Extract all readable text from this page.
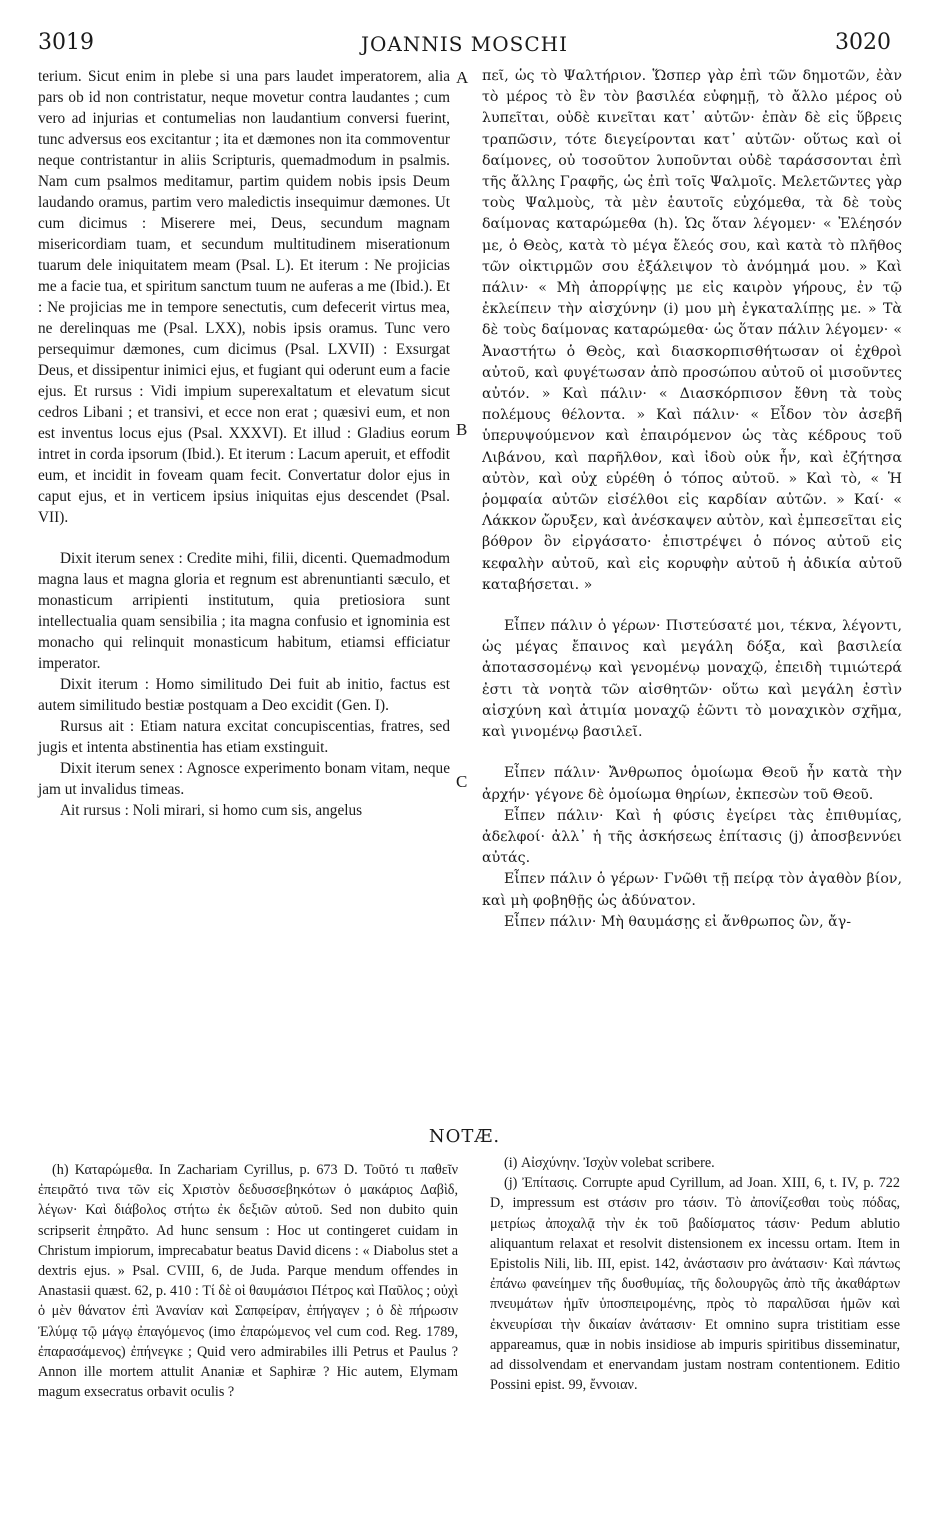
3019	JOANNIS MOSCHI	3020
A
B
C

terium. Sicut enim in plebe si una pars laudet imperatorem, alia pars ob id non contristatur, neque movetur contra laudantes ; cum vero ad injurias et contumelias non laudantium conversi fuerint, tunc adversus eos excitantur ; ita et dæmones non ita commoventur neque contristantur in aliis Scripturis, quemadmodum in psalmis. Nam cum psalmos meditamur, partim quidem nobis ipsis Deum laudando oramus, partim vero maledictis insequimur dæmones. Ut cum dicimus : Miserere mei, Deus, secundum magnam misericordiam tuam, et secundum multitudinem miserationum tuarum dele iniquitatem meam (Psal. L). Et iterum : Ne projicias me a facie tua, et spiritum sanctum tuum ne auferas a me (Ibid.). Et : Ne projicias me in tempore senectutis, cum defecerit virtus mea, ne derelinquas me (Psal. LXX), nobis ipsis oramus. Tunc vero persequimur dæmones, cum dicimus (Psal. LXVII) : Exsurgat Deus, et dissipentur inimici ejus, et fugiant qui oderunt eum a facie ejus. Et rursus : Vidi impium superexaltatum et elevatum sicut cedros Libani ; et transivi, et ecce non erat ; quæsivi eum, et non est inventus locus ejus (Psal. XXXVI). Et illud : Gladius eorum intret in corda ipsorum (Ibid.). Et iterum : Lacum aperuit, et effodit eum, et incidit in foveam quam fecit. Convertatur dolor ejus in caput ejus, et in verticem ipsius iniquitas ejus descendet (Psal. VII).

Dixit iterum senex : Credite mihi, filii, dicenti. Quemadmodum magna laus et magna gloria et regnum est abrenuntianti sæculo, et monasticum arripienti institutum, quia pretiosiora sunt intellectualia quam sensibilia ; ita magna confusio et ignominia est monacho qui relinquit monasticum habitum, etiamsi efficiatur imperator.

Dixit iterum : Homo similitudo Dei fuit ab initio, factus est autem similitudo bestiæ postquam a Deo excidit (Gen. I).

Rursus ait : Etiam natura excitat concupiscentias, fratres, sed jugis et intenta abstinentia has etiam exstinguit.

Dixit iterum senex : Agnosce experimento bonam vitam, neque jam ut invalidus timeas.

Ait rursus : Noli mirari, si homo cum sis, angelus

πεῖ, ὡς τὸ Ψαλτήριον. Ὥσπερ γὰρ ἐπὶ τῶν δημοτῶν, ἐὰν τὸ μέρος τὸ ἓν τὸν βασιλέα εὐφημῇ, τὸ ἄλλο μέρος οὐ λυπεῖται, οὐδὲ κινεῖται κατ᾽ αὐτῶν· ἐπὰν δὲ εἰς ὕβρεις τραπῶσιν, τότε διεγείρονται κατ᾽ αὐτῶν· οὕτως καὶ οἱ δαίμονες, οὐ τοσοῦτον λυποῦνται οὐδὲ ταράσσονται ἐπὶ τῆς ἄλλης Γραφῆς, ὡς ἐπὶ τοῖς Ψαλμοῖς. Μελετῶντες γὰρ τοὺς Ψαλμοὺς, τὰ μὲν ἑαυτοῖς εὐχόμεθα, τὰ δὲ τοὺς δαίμονας καταρώμεθα (h). Ὡς ὅταν λέγομεν· « Ἐλέησόν με, ὁ Θεὸς, κατὰ τὸ μέγα ἔλεός σου, καὶ κατὰ τὸ πλῆθος τῶν οἰκτιρμῶν σου ἐξάλειψον τὸ ἀνόμημά μου. » Καὶ πάλιν· « Μὴ ἀπορρίψῃς με εἰς καιρὸν γήρους, ἐν τῷ ἐκλείπειν τὴν αἰσχύνην (i) μου μὴ ἐγκαταλίπῃς με. » Τὰ δὲ τοὺς δαίμονας καταρώμεθα· ὡς ὅταν πάλιν λέγομεν· « Ἀναστήτω ὁ Θεὸς, καὶ διασκορπισθήτωσαν οἱ ἐχθροὶ αὐτοῦ, καὶ φυγέτωσαν ἀπὸ προσώπου αὐτοῦ οἱ μισοῦντες αὐτόν. » Καὶ πάλιν· « Διασκόρπισον ἔθνη τὰ τοὺς πολέμους θέλοντα. » Καὶ πάλιν· « Εἶδον τὸν ἀσεβῆ ὑπερυψούμενον καὶ ἐπαιρόμενον ὡς τὰς κέδρους τοῦ Λιβάνου, καὶ παρῆλθον, καὶ ἰδοὺ οὐκ ἦν, καὶ ἐζήτησα αὐτὸν, καὶ οὐχ εὑρέθη ὁ τόπος αὐτοῦ. » Καὶ τὸ, « Ἡ ῥομφαία αὐτῶν εἰσέλθοι εἰς καρδίαν αὐτῶν. » Καί· « Λάκκον ὤρυξεν, καὶ ἀνέσκαψεν αὐτὸν, καὶ ἐμπεσεῖται εἰς βόθρον ὃν εἰργάσατο· ἐπιστρέψει ὁ πόνος αὐτοῦ εἰς κεφαλὴν αὐτοῦ, καὶ εἰς κορυφὴν αὐτοῦ ἡ ἀδικία αὐτοῦ καταβήσεται. »

Εἶπεν πάλιν ὁ γέρων· Πιστεύσατέ μοι, τέκνα, λέγοντι, ὡς μέγας ἔπαινος καὶ μεγάλη δόξα, καὶ βασιλεία ἀποτασσομένῳ καὶ γενομένῳ μοναχῷ, ἐπειδὴ τιμιώτερά ἐστι τὰ νοητὰ τῶν αἰσθητῶν· οὕτω καὶ μεγάλη ἐστὶν αἰσχύνη καὶ ἀτιμία μοναχῷ ἐῶντι τὸ μοναχικὸν σχῆμα, καὶ γινομένῳ βασιλεῖ.

Εἶπεν πάλιν· Ἄνθρωπος ὁμοίωμα Θεοῦ ἦν κατὰ τὴν ἀρχήν· γέγονε δὲ ὁμοίωμα θηρίων, ἐκπεσὼν τοῦ Θεοῦ.

Εἶπεν πάλιν· Καὶ ἡ φύσις ἐγείρει τὰς ἐπιθυμίας, ἀδελφοί· ἀλλ᾽ ἡ τῆς ἀσκήσεως ἐπίτασις (j) ἀποσβεννύει αὐτάς.

Εἶπεν πάλιν ὁ γέρων· Γνῶθι τῇ πείρᾳ τὸν ἀγαθὸν βίον, καὶ μὴ φοβηθῇς ὡς ἀδύνατον.

Εἶπεν πάλιν· Μὴ θαυμάσῃς εἰ ἄνθρωπος ὢν, ἄγ-

NOTÆ.

(h) Καταρώμεθα. In Zachariam Cyrillus, p. 673 D. Τοῦτό τι παθεῖν ἐπειρᾶτό τινα τῶν εἰς Χριστὸν δεδυσσεβηκότων ὁ μακάριος Δαβὶδ, λέγων· Καὶ διάβολος στήτω ἐκ δεξιῶν αὐτοῦ. Sed non dubito quin scripserit ἐπηρᾶτο. Ad hunc sensum : Hoc ut contingeret cuidam in Christum impiorum, imprecabatur beatus David dicens : « Diabolus stet a dextris ejus. » Psal. CVIII, 6, de Juda. Parque mendum offendes in Anastasii quæst. 62, p. 410 : Τί δὲ οἱ θαυμάσιοι Πέτρος καὶ Παῦλος ; οὐχὶ ὁ μὲν θάνατον ἐπὶ Ἀνανίαν καὶ Σαπφείραν, ἐπήγαγεν ; ὁ δὲ πήρωσιν Ἐλύμᾳ τῷ μάγῳ ἐπαγόμενος (imo ἐπαρώμενος vel cum cod. Reg. 1789, ἐπαρασάμενος) ἐπήνεγκε ; Quid vero admirabiles illi Petrus et Paulus ? Annon ille mortem attulit Ananiæ et Saphiræ ? Hic autem, Elymam magum exsecratus orbavit oculis ?

(i) Αἰσχύνην. Ἰσχὺν volebat scribere.

(j) Ἐπίτασις. Corrupte apud Cyrillum, ad Joan. XIII, 6, t. IV, p. 722 D, impressum est στάσιν pro τάσιν. Τὸ ἀπονίζεσθαι τοὺς πόδας, μετρίως ἀποχαλᾷ τὴν ἐκ τοῦ βαδίσματος τάσιν· Pedum ablutio aliquantum relaxat et resolvit distensionem ex incessu ortam. Item in Epistolis Nili, lib. III, epist. 142, ἀνάστασιν pro ἀνάτασιν· Καὶ πάντως ἐπάνω φανείημεν τῆς δυσθυμίας, τῆς δολουργῶς ἀπὸ τῆς ἀκαθάρτων πνευμάτων ἡμῖν ὑποσπειρομένης, πρὸς τὸ παραλῦσαι ἡμῶν καὶ ἐκνευρίσαι τὴν δικαίαν ἀνάτασιν· Et omnino supra tristitiam esse appareamus, quæ in nobis insidiose ab impuris spiritibus disseminatur, ad dissolvendam et enervandam justam nostram contentionem. Editio Possini epist. 99, ἔνvoιαν.
